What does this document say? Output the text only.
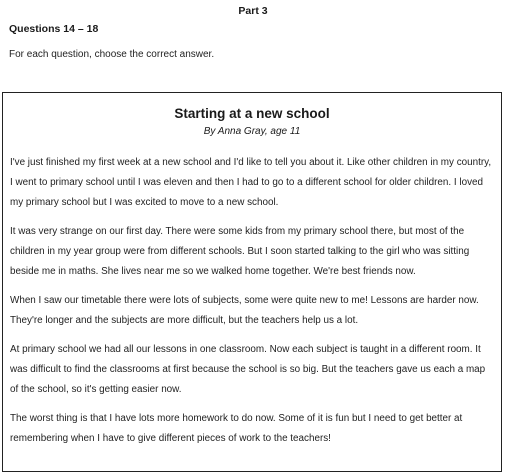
Part 3
Questions 14 – 18
For each question, choose the correct answer.
Starting at a new school
By Anna Gray, age 11

I've just finished my first week at a new school and I'd like to tell you about it. Like other children in my country, I went to primary school until I was eleven and then I had to go to a different school for older children. I loved my primary school but I was excited to move to a new school.

It was very strange on our first day. There were some kids from my primary school there, but most of the children in my year group were from different schools. But I soon started talking to the girl who was sitting beside me in maths. She lives near me so we walked home together. We're best friends now.

When I saw our timetable there were lots of subjects, some were quite new to me! Lessons are harder now. They're longer and the subjects are more difficult, but the teachers help us a lot.

At primary school we had all our lessons in one classroom. Now each subject is taught in a different room. It was difficult to find the classrooms at first because the school is so big. But the teachers gave us each a map of the school, so it's getting easier now.

The worst thing is that I have lots more homework to do now. Some of it is fun but I need to get better at remembering when I have to give different pieces of work to the teachers!
